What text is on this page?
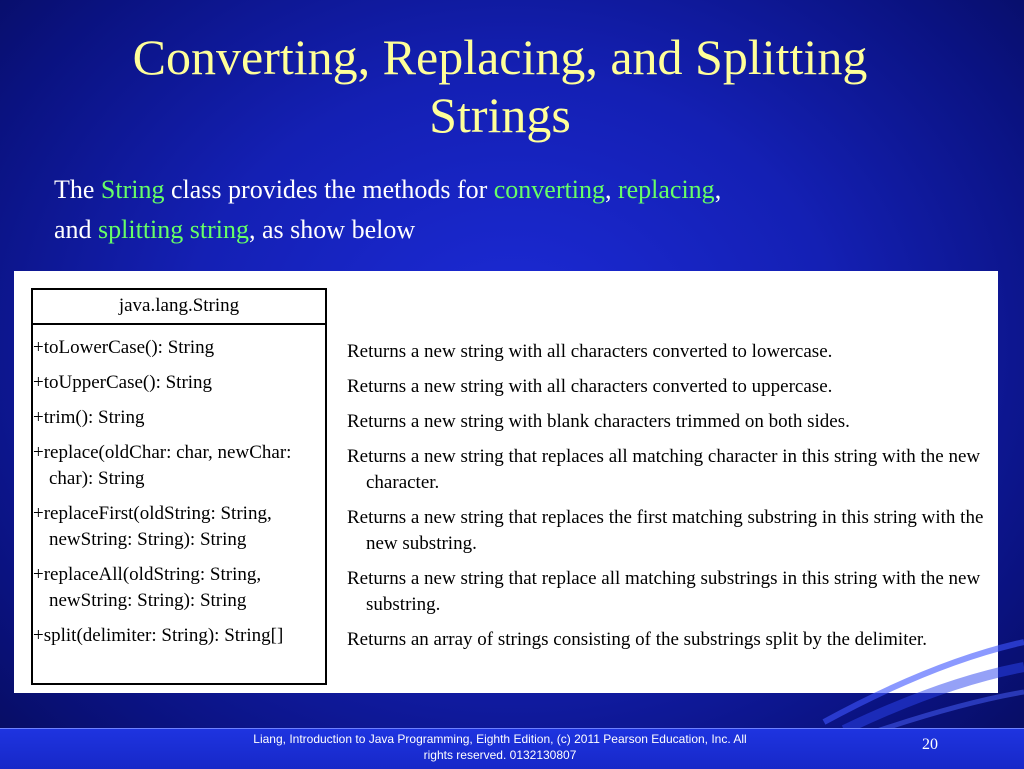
Converting, Replacing, and Splitting
Strings
The String class provides the methods for converting, replacing,
and splitting string, as show below
java.lang.String
+toLowerCase(): String
+toUpperCase(): String
+trim(): String
+replace(oldChar: char, newChar: char): String
+replaceFirst(oldString: String, newString: String): String
+replaceAll(oldString: String, newString: String): String
+split(delimiter: String): String[]
Returns a new string with all characters converted to lowercase.
Returns a new string with all characters converted to uppercase.
Returns a new string with blank characters trimmed on both sides.
Returns a new string that replaces all matching character in this string with the new character.
Returns a new string that replaces the first matching substring in this string with the new substring.
Returns a new string that replace all matching substrings in this string with the new substring.
Returns an array of strings consisting of the substrings split by the delimiter.
Liang, Introduction to Java Programming, Eighth Edition, (c) 2011 Pearson Education, Inc. All
rights reserved. 0132130807
20
